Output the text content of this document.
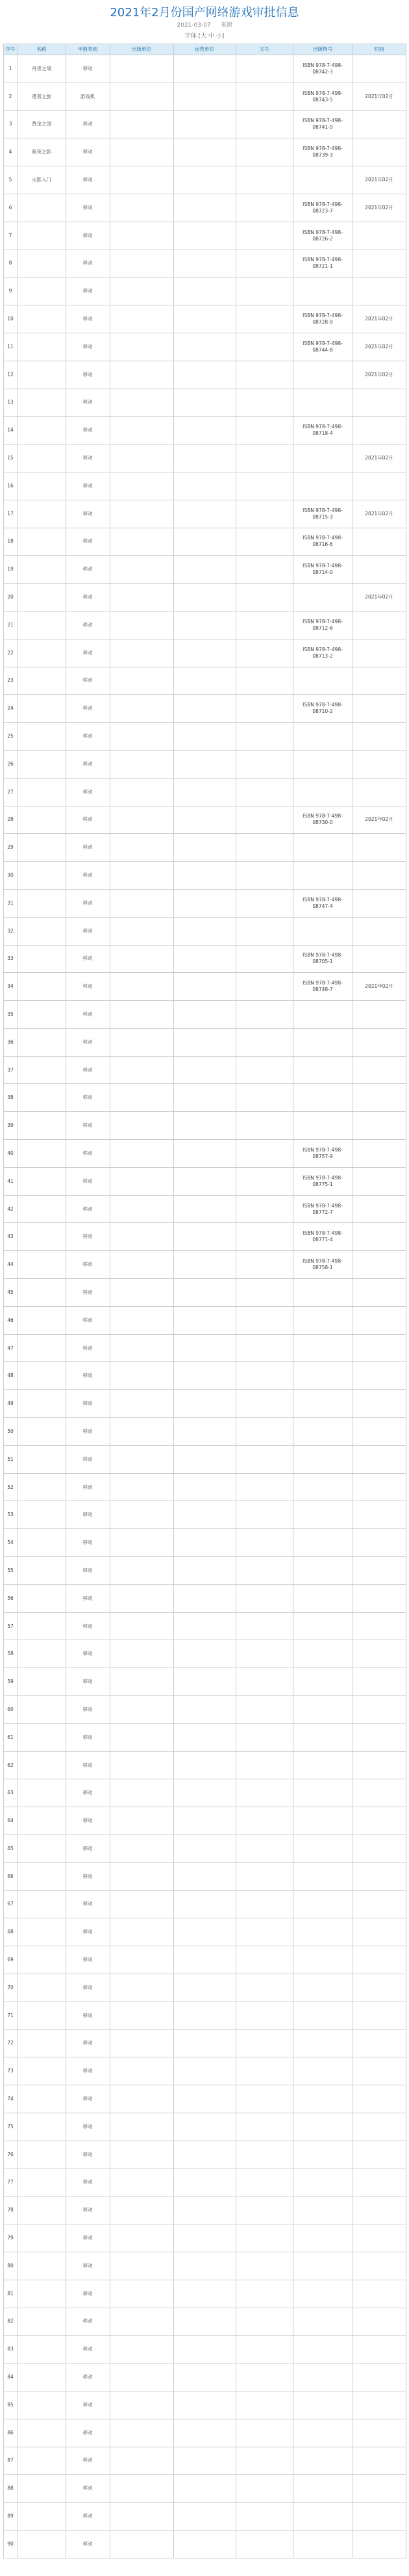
2021年2月份国产网络游戏审批信息
2021-03-07 来源
字体 [大 中 小]
序号	名称	申报类别	出版单位	运营单位	文号	出版物号	时间
1	丹青之境	移动				ISBN 978-7-498-08742-3	
2	勇者之旅	游戏机				ISBN 978-7-498-08743-5	2021年02月
3	黄金之国	移动				ISBN 978-7-498-08741-9	
4	暗夜之影	移动				ISBN 978-7-498-08739-3	
5	火影入门	移动					2021年02月
6		移动				ISBN 978-7-498-08723-7	2021年02月
7		移动				ISBN 978-7-498-08726-2	
8		移动				ISBN 978-7-498-08721-1	
9		移动					
10		移动				ISBN 978-7-498-08728-9	2021年02月
11		移动				ISBN 978-7-498-08744-8	2021年02月
12		移动					2021年02月
13		移动					
14		移动				ISBN 978-7-498-08718-4	
15		移动					2021年02月
16		移动					
17		移动				ISBN 978-7-498-08715-3	2021年02月
18		移动				ISBN 978-7-498-08716-6	
19		移动				ISBN 978-7-498-08714-0	
20		移动					2021年02月
21		移动				ISBN 978-7-498-08712-6	
22		移动				ISBN 978-7-498-08713-2	
23		移动					
24		移动				ISBN 978-7-498-08710-2	
25		移动					
26		移动					
27		移动					
28		移动				ISBN 978-7-498-08730-0	2021年02月
29		移动					
30		移动					
31		移动				ISBN 978-7-498-08747-4	
32		移动					
33		移动				ISBN 978-7-498-08705-1	
34		移动				ISBN 978-7-498-08748-7	2021年02月
35		移动					
36		移动					
37		移动					
38		移动					
39		移动					
40		移动				ISBN 978-7-498-08757-9	
41		移动				ISBN 978-7-498-08775-1	
42		移动				ISBN 978-7-498-08772-7	
43		移动				ISBN 978-7-498-08771-4	
44		移动				ISBN 978-7-498-08758-1	
45		移动					
46		移动					
47		移动					
48		移动					
49		移动					
50		移动					
51		移动					
52		移动					
53		移动					
54		移动					
55		移动					
56		移动					
57		移动					
58		移动					
59		移动					
60		移动					
61		移动					
62		移动					
63		移动					
64		移动					
65		移动					
66		移动					
67		移动					
68		移动					
69		移动					
70		移动					
71		移动					
72		移动					
73		移动					
74		移动					
75		移动					
76		移动					
77		移动					
78		移动					
79		移动					
80		移动					
81		移动					
82		移动					
83		移动					
84		移动					
85		移动					
86		移动					
87		移动					
88		移动					
89		移动					
90		移动					
